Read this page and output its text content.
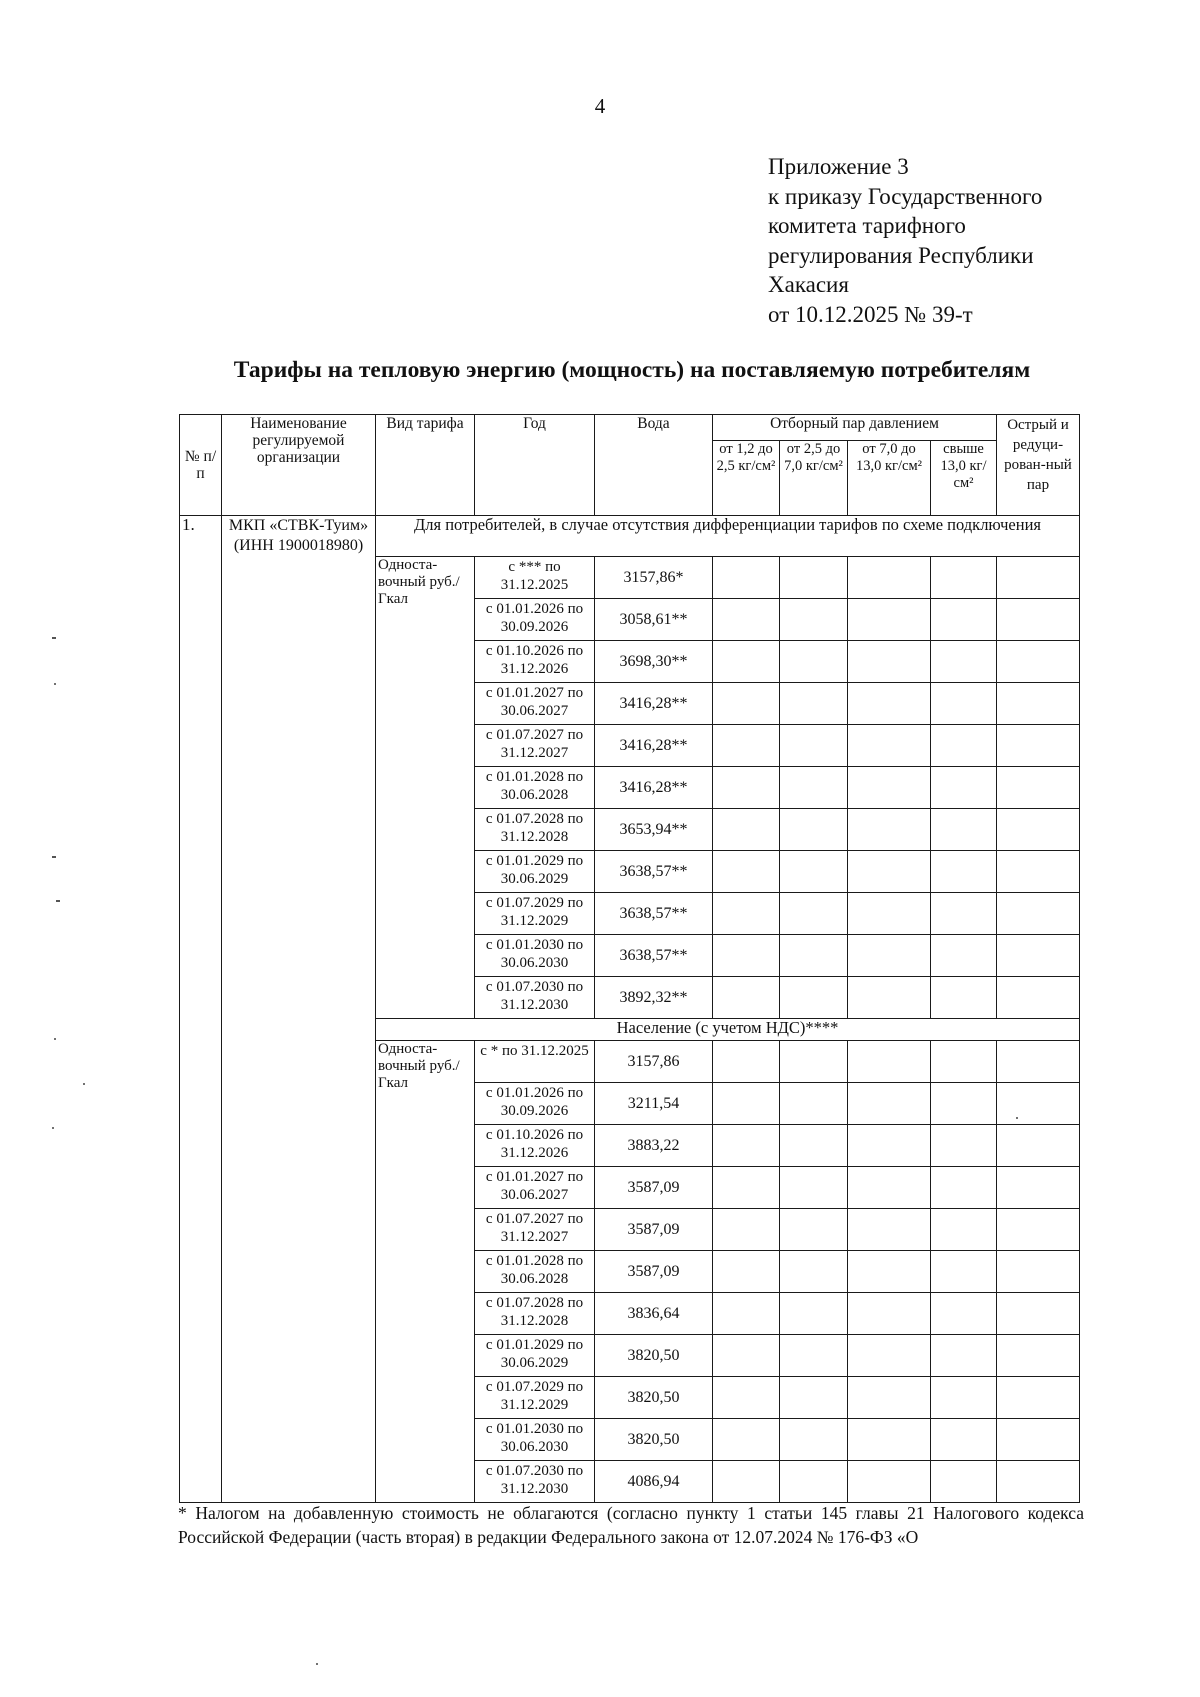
4
Приложение 3
к приказу Государственного
комитета тарифного
регулирования Республики
Хакасия
от 10.12.2025 № 39-т
Тарифы на тепловую энергию (мощность) на поставляемую потребителям
№ п/п	Наименование регулируемой организации	Вид тарифа	Год	Вода	Отборный пар давлением				Острый и редуци-рован-ный пар
					от 1,2 до 2,5 кг/см²	от 2,5 до 7,0 кг/см²	от 7,0 до 13,0 кг/см²	свыше 13,0 кг/см²	
1.	МКП «СТВК-Туим» (ИНН 1900018980)	Для потребителей, в случае отсутствия дифференциации тарифов по схеме подключения							
		Односта-вочный руб./Гкал	с *** по 31.12.2025	3157,86*					
			с 01.01.2026 по 30.09.2026	3058,61**					
			с 01.10.2026 по 31.12.2026	3698,30**					
			с 01.01.2027 по 30.06.2027	3416,28**					
			с 01.07.2027 по 31.12.2027	3416,28**					
			с 01.01.2028 по 30.06.2028	3416,28**					
			с 01.07.2028 по 31.12.2028	3653,94**					
			с 01.01.2029 по 30.06.2029	3638,57**					
			с 01.07.2029 по 31.12.2029	3638,57**					
			с 01.01.2030 по 30.06.2030	3638,57**					
			с 01.07.2030 по 31.12.2030	3892,32**					
		Население (с учетом НДС)****							
		Односта-вочный руб./Гкал	с * по 31.12.2025	3157,86					
			с 01.01.2026 по 30.09.2026	3211,54					
			с 01.10.2026 по 31.12.2026	3883,22					
			с 01.01.2027 по 30.06.2027	3587,09					
			с 01.07.2027 по 31.12.2027	3587,09					
			с 01.01.2028 по 30.06.2028	3587,09					
			с 01.07.2028 по 31.12.2028	3836,64					
			с 01.01.2029 по 30.06.2029	3820,50					
			с 01.07.2029 по 31.12.2029	3820,50					
			с 01.01.2030 по 30.06.2030	3820,50					
			с 01.07.2030 по 31.12.2030	4086,94					
* Налогом на добавленную стоимость не облагаются (согласно пункту 1 статьи 145 главы 21 Налогового кодекса Российской Федерации (часть вторая) в редакции Федерального закона от 12.07.2024 № 176-ФЗ «О
